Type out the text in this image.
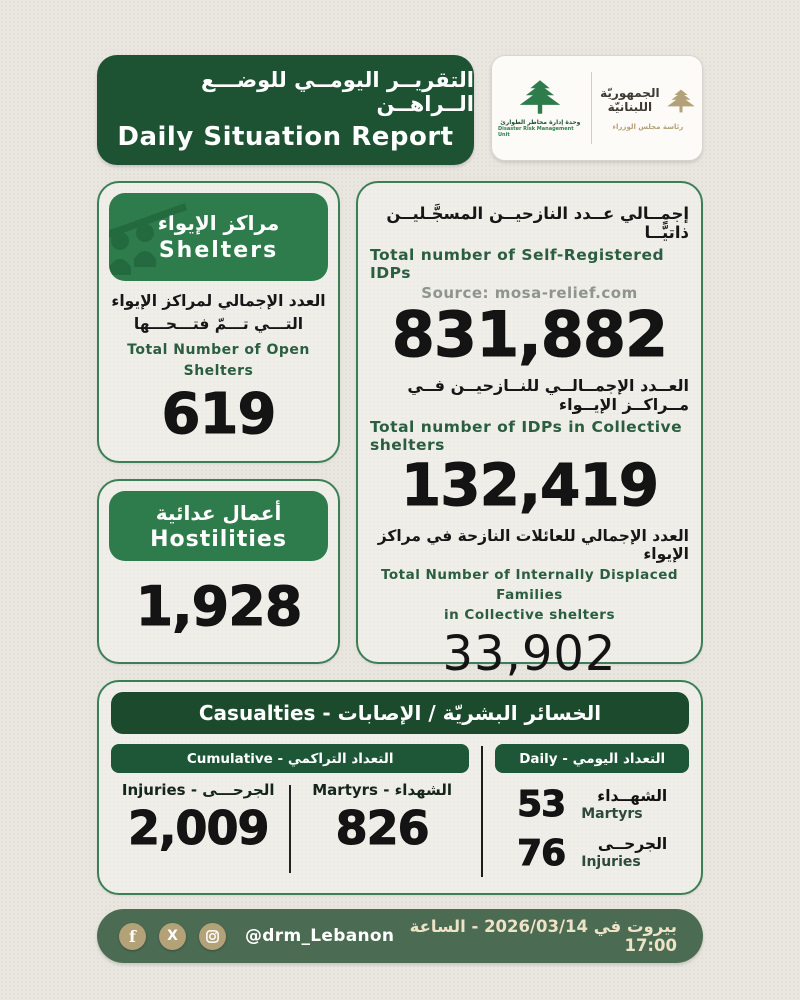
التقريــر اليومــي للوضـــع الــراهــن
Daily Situation Report	وحدة إدارة مخاطر الطوارئ
Disaster Risk Management Unit
الجمهوريّة
اللبنانيّة
رئاسة مجلس الوزراء
مراكز الإيواء
Shelters
العدد الإجمالي لمراكز الإيواء
التـــي تـــمّ فتـــحـــها
Total Number of Open Shelters
619
أعمال عدائية
Hostilities
1,928
إجمــالي عــدد النازحيــن المسجَّـليــن ذاتيًّــا
Total number of Self-Registered IDPs
Source: mosa-relief.com
831,882
العــدد الإجمــالــي للنــازحيــن فــي مــراكــز الإيــواء
Total number of IDPs in Collective shelters
132,419
العدد الإجمالي للعائلات النازحة في مراكز الإيواء
Total Number of Internally Displaced Families
in Collective shelters
33,902
الخسائر البشريّة / الإصابات - Casualties
Cumulative - التعداد التراكمي
Injuries - الجرحـــى
2,009
Martyrs - الشهداء
826
Daily - التعداد اليومي
53	الشهــداء
Martyrs
76	الجرحــى
Injuries
f	X	@drm_Lebanon بيروت في 2026/03/14 - الساعة 17:00
